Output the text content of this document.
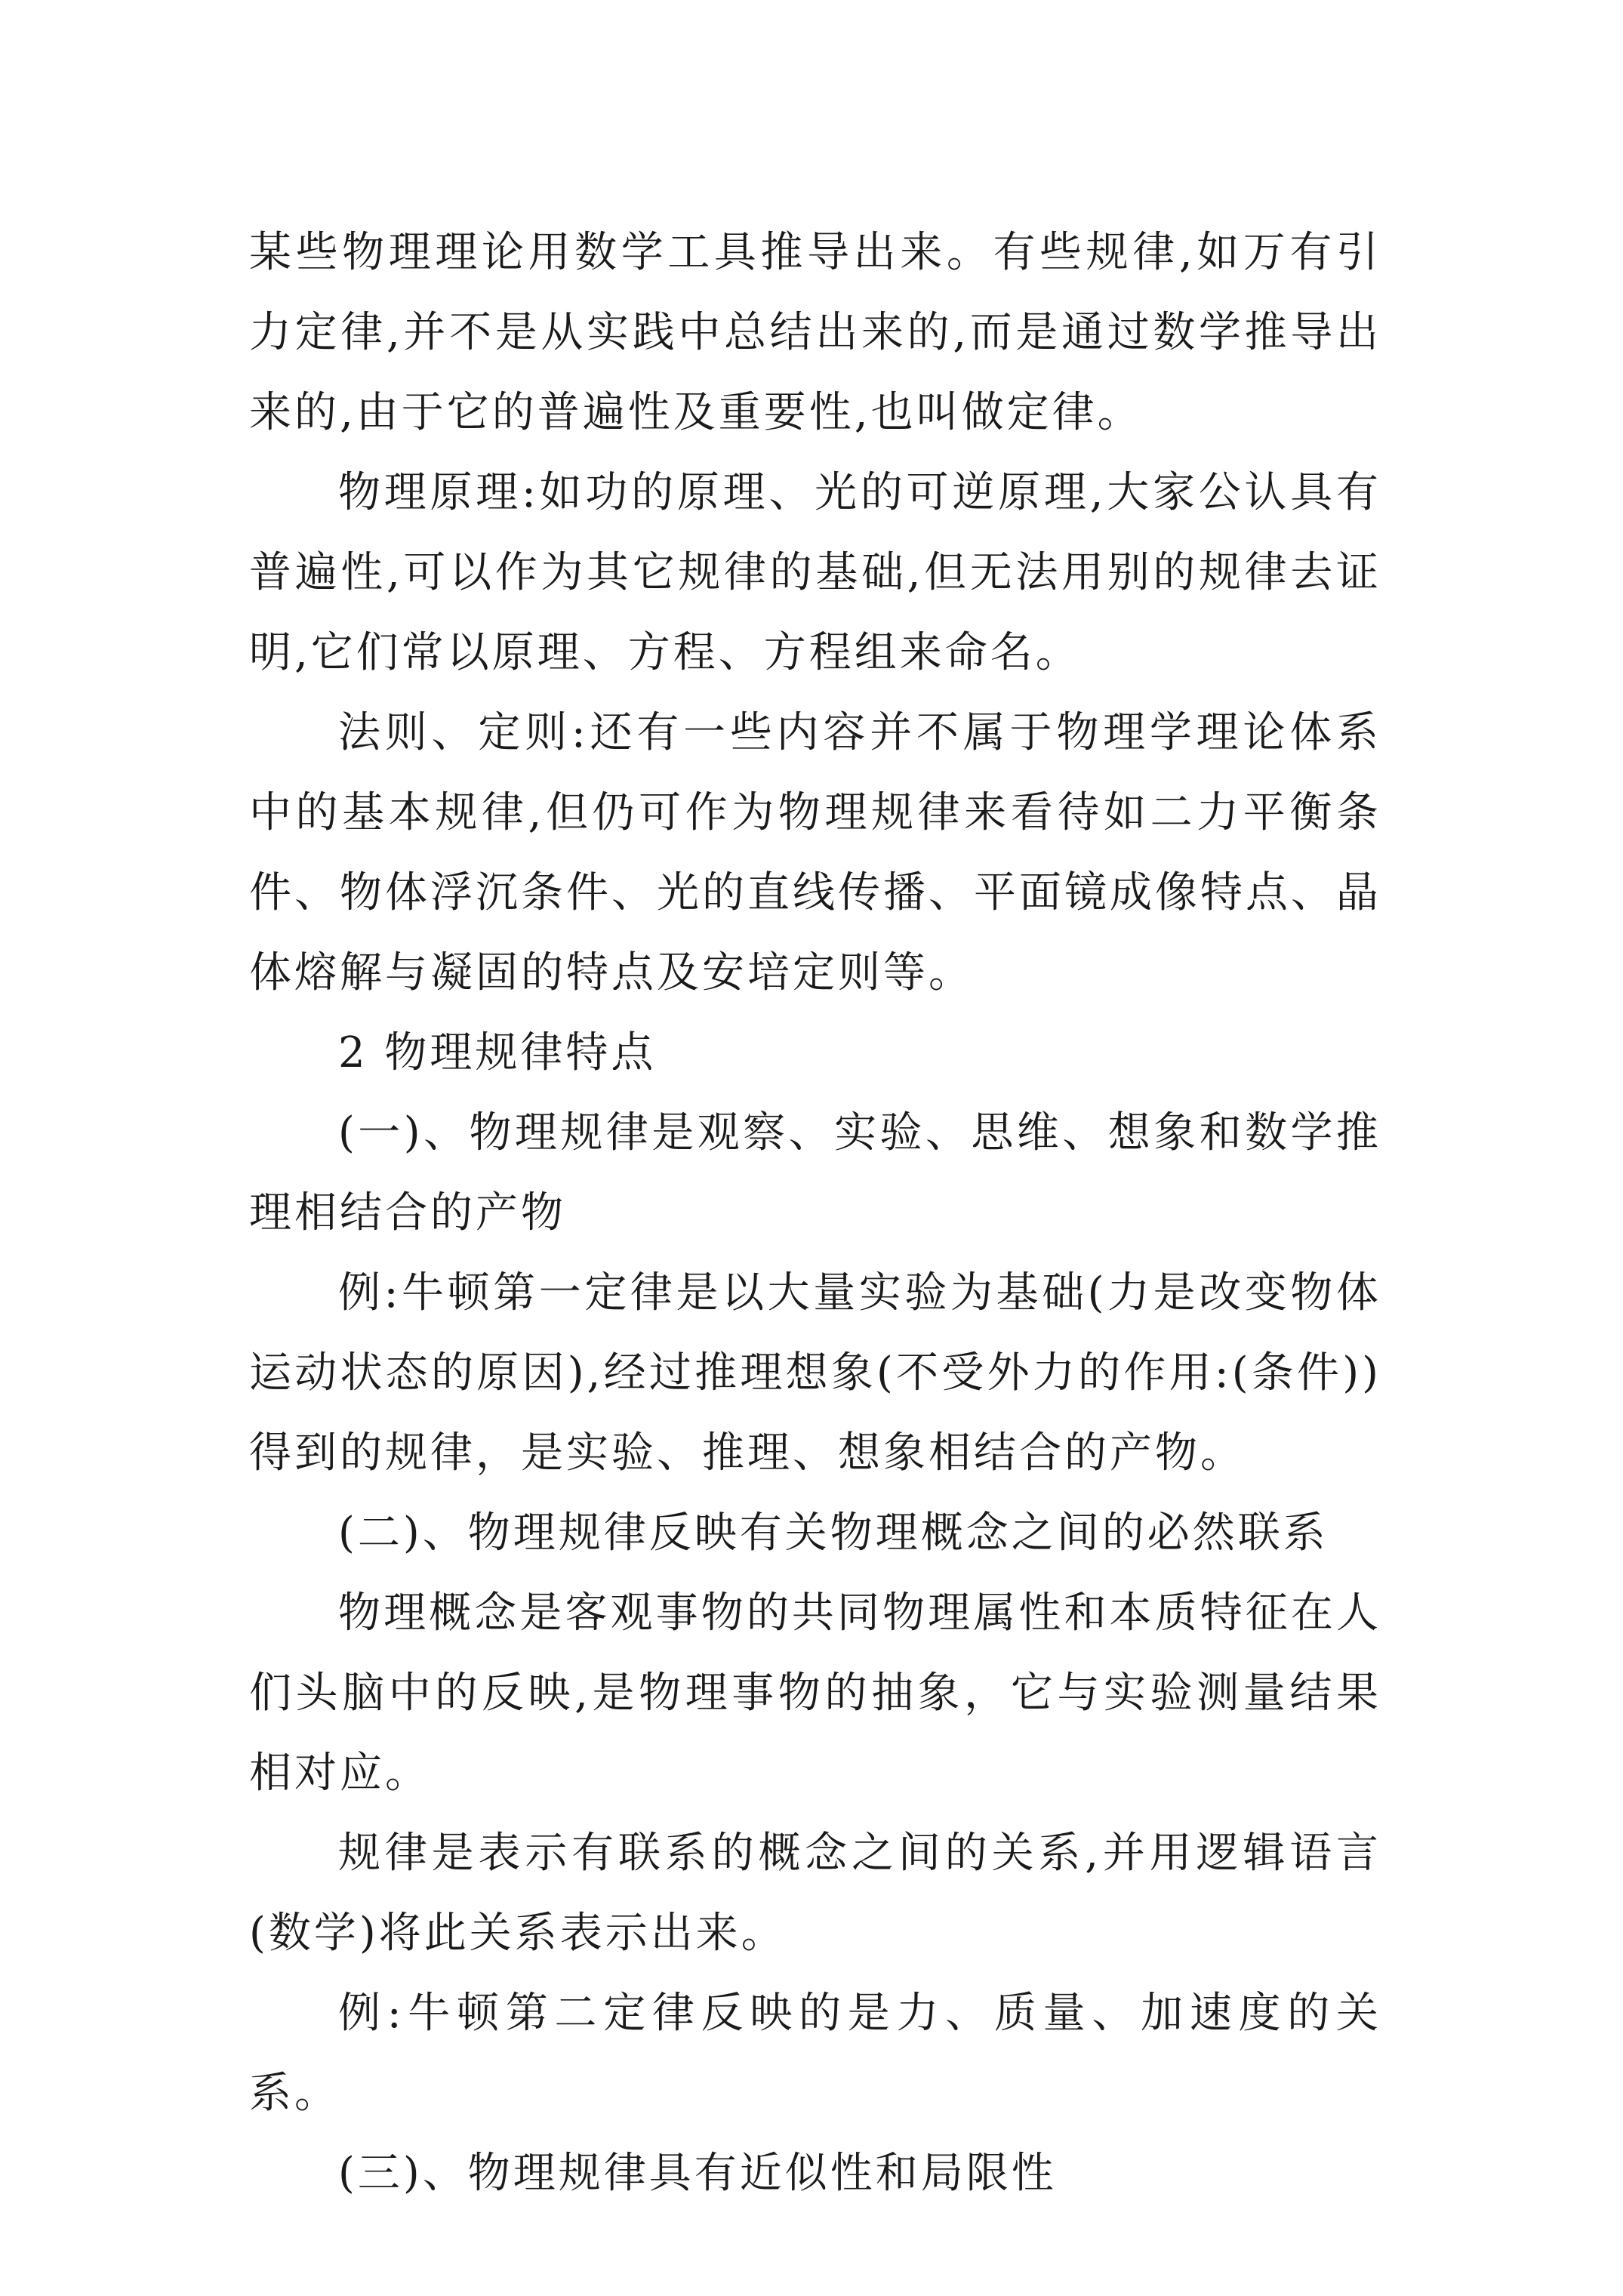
某些物理理论用数学工具推导出来。有些规律,如万有引力定律,并不是从实践中总结出来的,而是通过数学推导出来的,由于它的普遍性及重要性,也叫做定律。

物理原理:如功的原理、光的可逆原理,大家公认具有普遍性,可以作为其它规律的基础,但无法用别的规律去证明,它们常以原理、方程、方程组来命名。

法则、定则:还有一些内容并不属于物理学理论体系中的基本规律,但仍可作为物理规律来看待如二力平衡条件、物体浮沉条件、光的直线传播、平面镜成像特点、晶体熔解与凝固的特点及安培定则等。

2 物理规律特点

(一)、物理规律是观察、实验、思维、想象和数学推理相结合的产物

例:牛顿第一定律是以大量实验为基础(力是改变物体运动状态的原因),经过推理想象(不受外力的作用:(条件))得到的规律，是实验、推理、想象相结合的产物。

(二)、物理规律反映有关物理概念之间的必然联系

物理概念是客观事物的共同物理属性和本质特征在人们头脑中的反映,是物理事物的抽象，它与实验测量结果相对应。

规律是表示有联系的概念之间的关系,并用逻辑语言(数学)将此关系表示出来。

例:牛顿第二定律反映的是力、质量、加速度的关系。

(三)、物理规律具有近似性和局限性
